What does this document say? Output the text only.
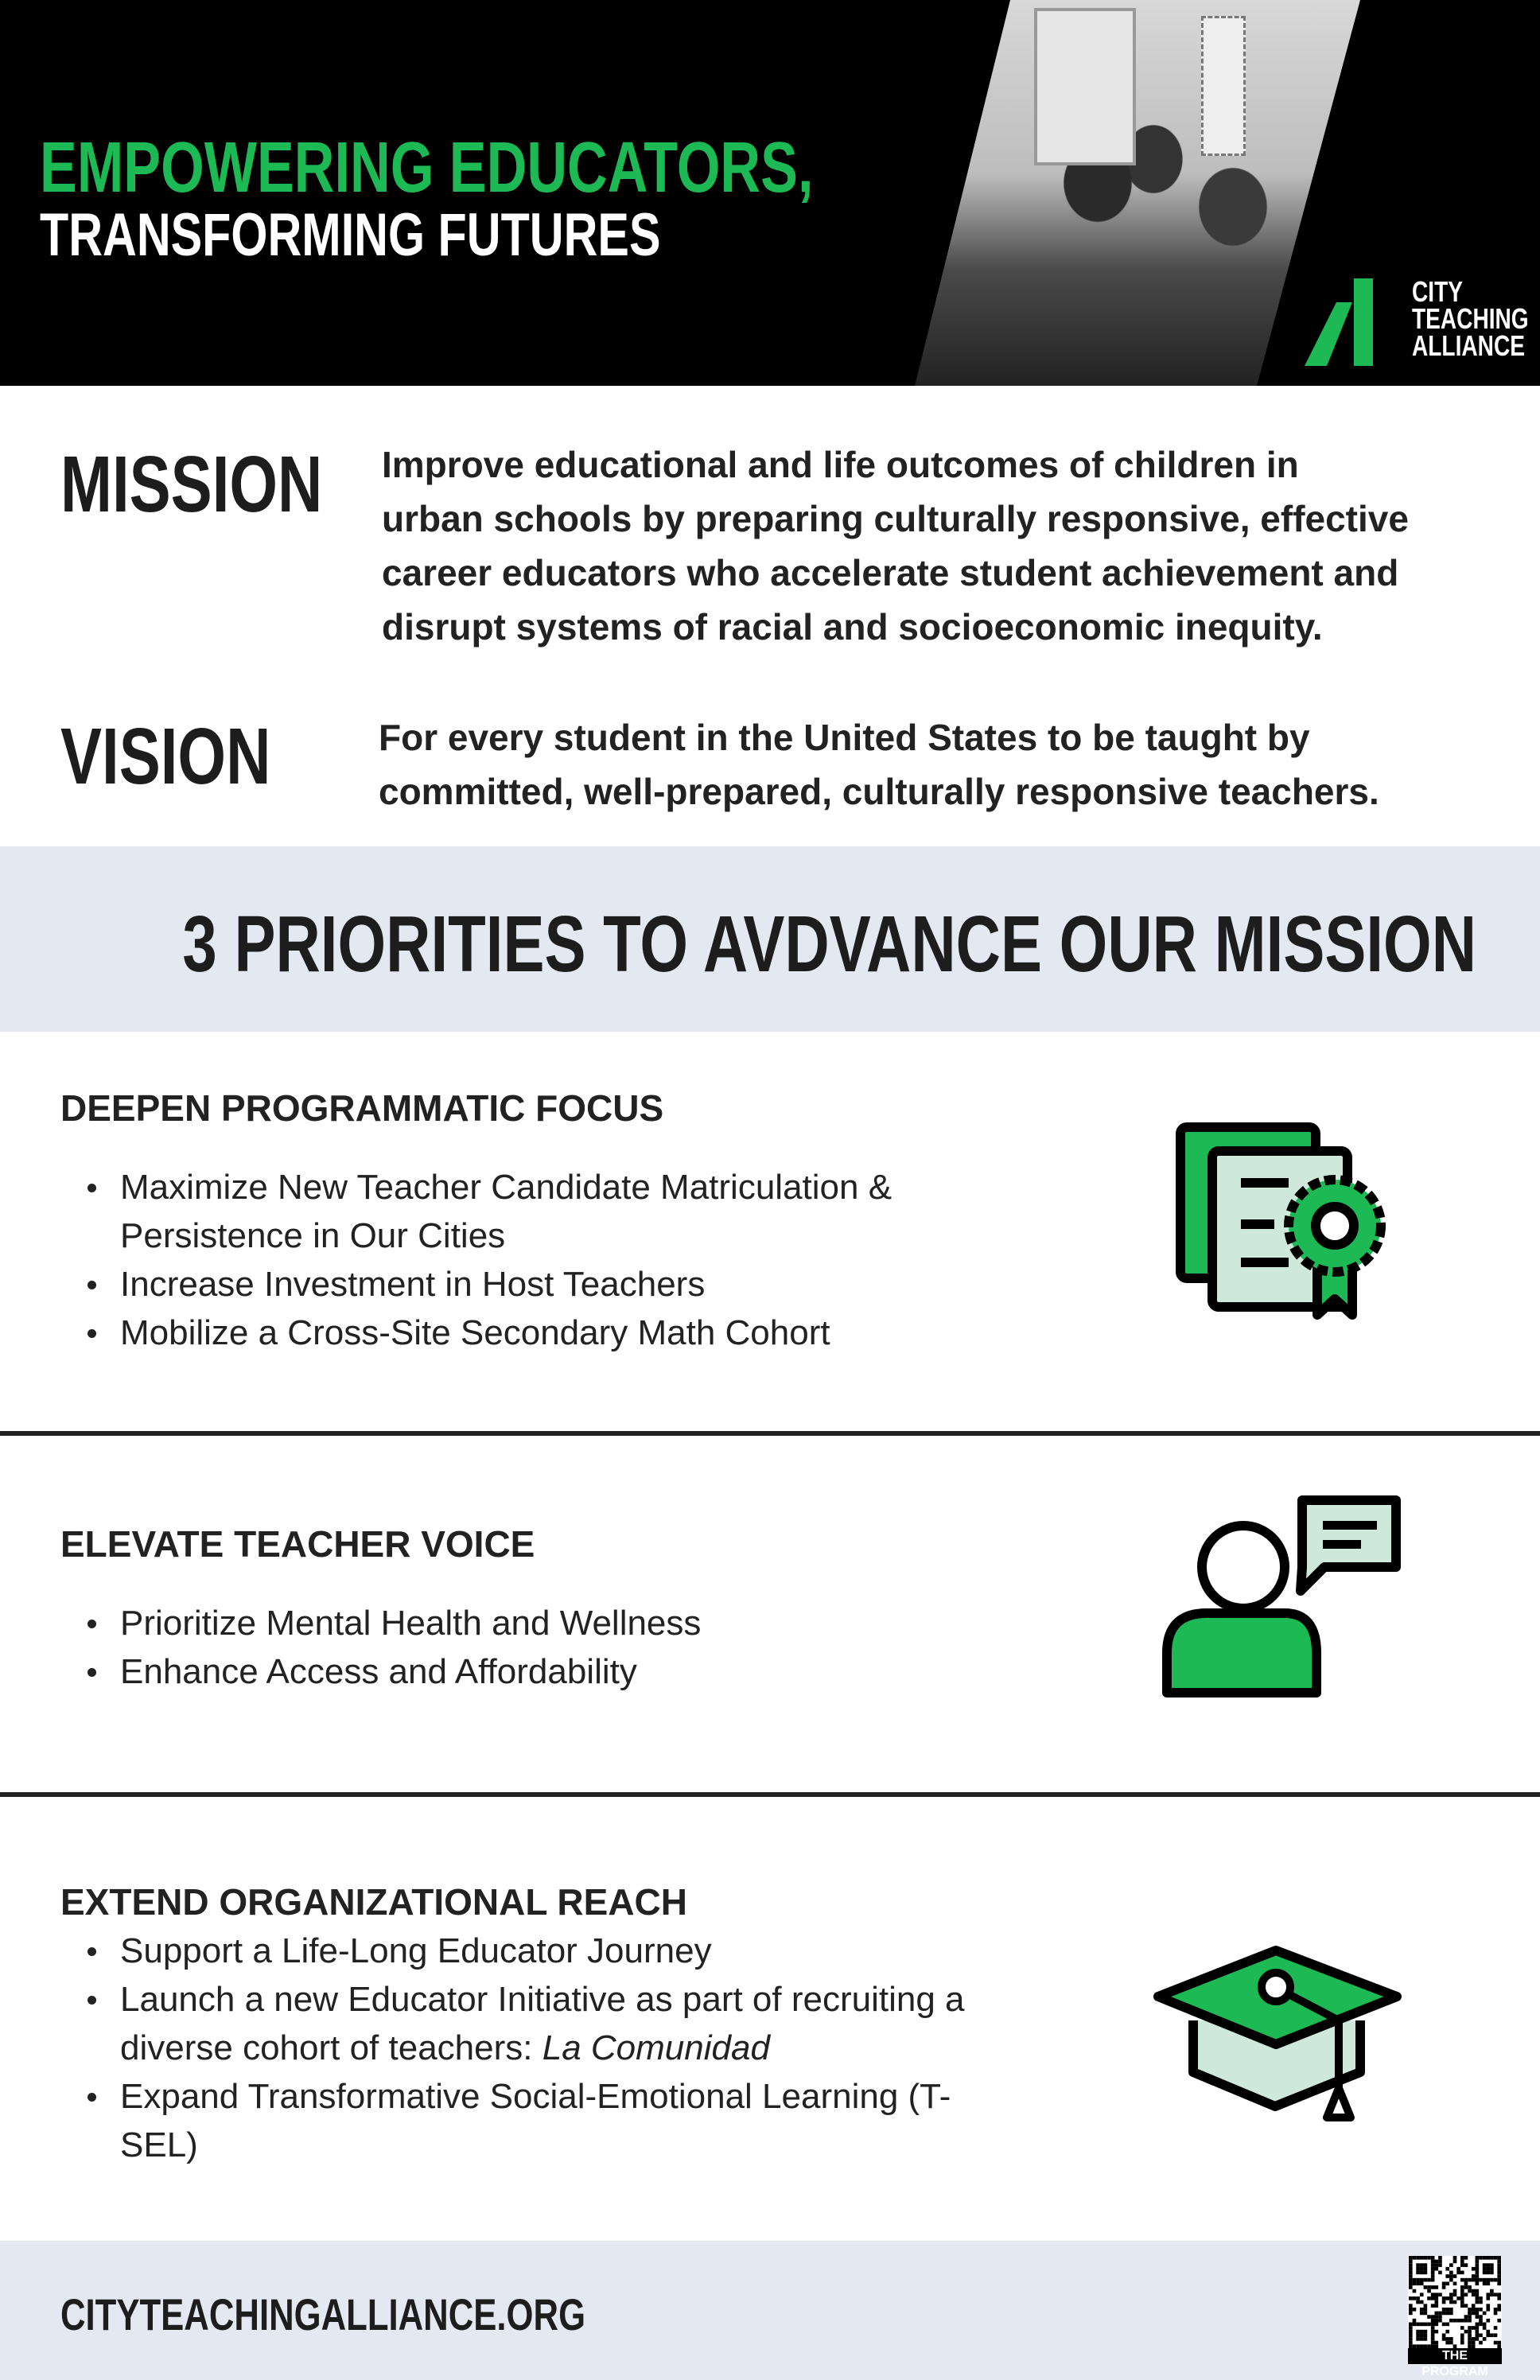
EMPOWERING EDUCATORS,
TRANSFORMING FUTURES
CITY
TEACHING
ALLIANCE
MISSION	Improve educational and life outcomes of children in
urban schools by preparing culturally responsive, effective
career educators who accelerate student achievement and
disrupt systems of racial and socioeconomic inequity.
VISION	For every student in the United States to be taught by
committed, well-prepared, culturally responsive teachers.
3 PRIORITIES TO AVDVANCE OUR MISSION
DEEPEN PROGRAMMATIC FOCUS
Maximize New Teacher Candidate Matriculation & Persistence in Our Cities
Increase Investment in Host Teachers
Mobilize a Cross-Site Secondary Math Cohort
ELEVATE TEACHER VOICE
Prioritize Mental Health and Wellness
Enhance Access and Affordability
EXTEND ORGANIZATIONAL REACH
Support a Life-Long Educator Journey
Launch a new Educator Initiative as part of recruiting a diverse cohort of teachers: La Comunidad
Expand Transformative Social-Emotional Learning (T-SEL)
CITYTEACHINGALLIANCE.ORG
THE PROGRAM
